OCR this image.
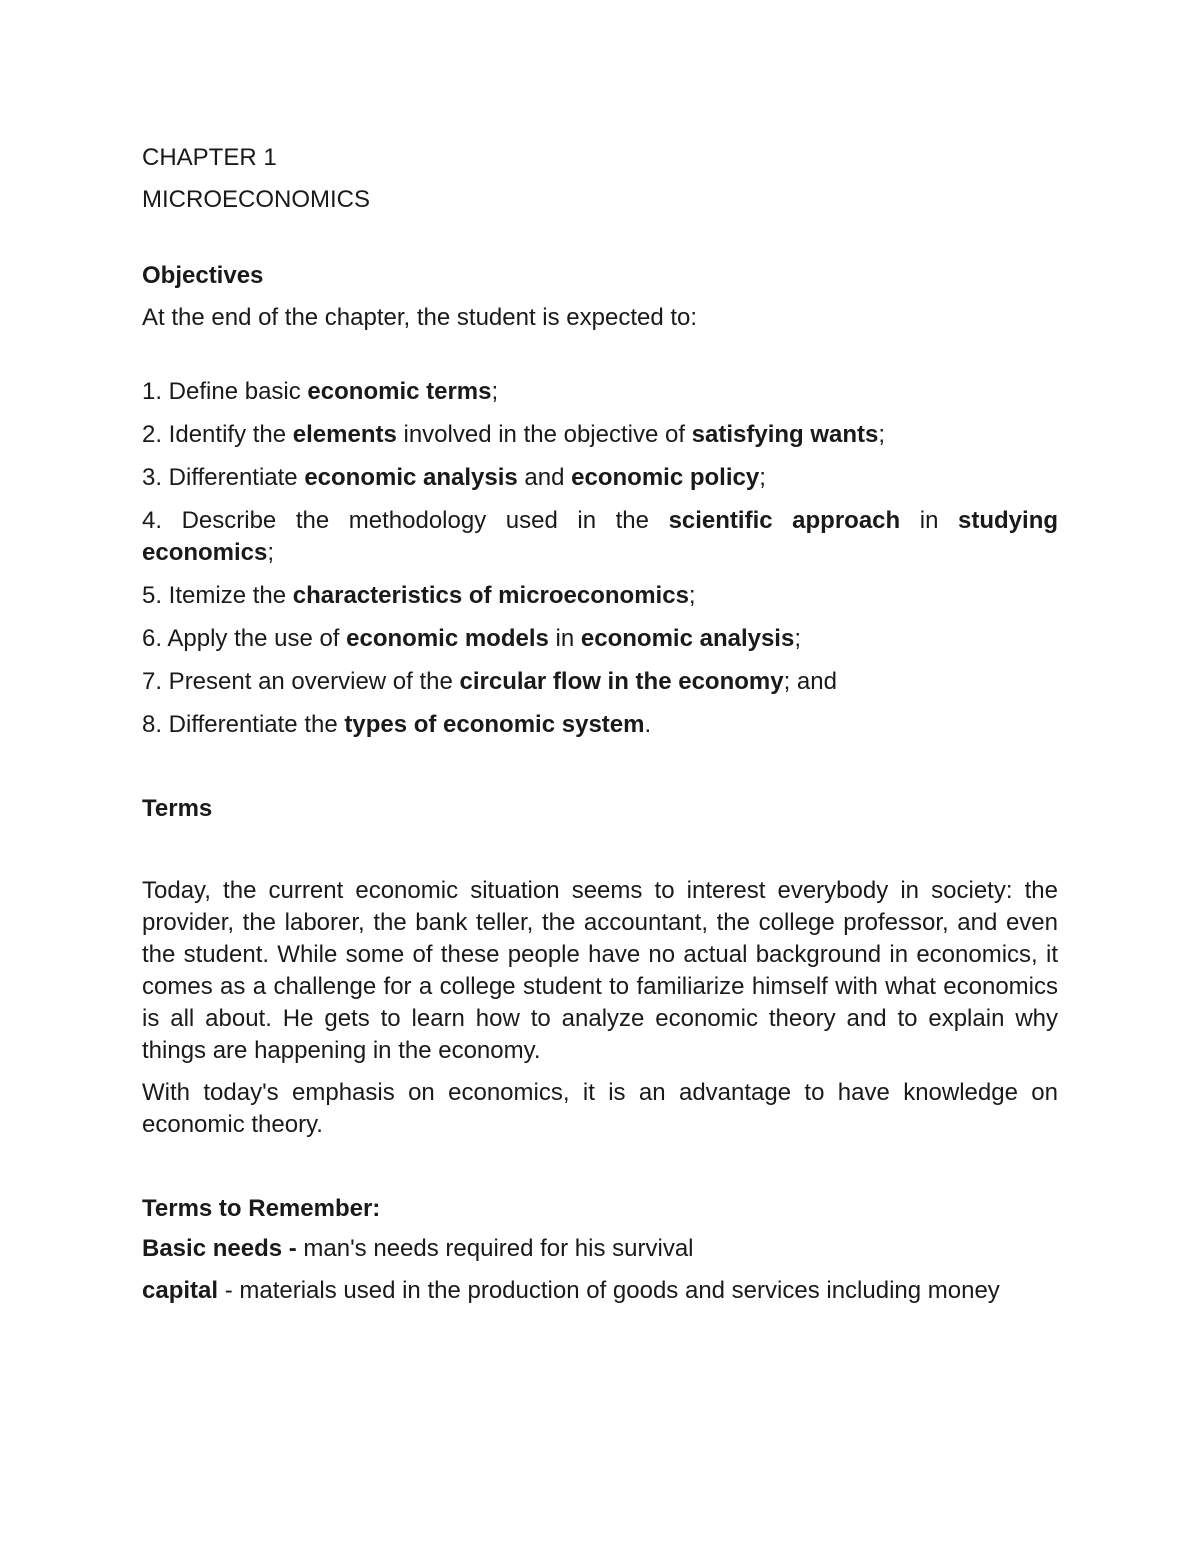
CHAPTER 1

MICROECONOMICS

Objectives

At the end of the chapter, the student is expected to:

1. Define basic economic terms;
2. Identify the elements involved in the objective of satisfying wants;
3. Differentiate economic analysis and economic policy;
4. Describe the methodology used in the scientific approach in studying economics;
5. Itemize the characteristics of microeconomics;
6. Apply the use of economic models in economic analysis;
7. Present an overview of the circular flow in the economy; and
8. Differentiate the types of economic system.

Terms

Today, the current economic situation seems to interest everybody in society: the provider, the laborer, the bank teller, the accountant, the college professor, and even the student. While some of these people have no actual background in economics, it comes as a challenge for a college student to familiarize himself with what economics is all about. He gets to learn how to analyze economic theory and to explain why things are happening in the economy.

With today's emphasis on economics, it is an advantage to have knowledge on economic theory.

Terms to Remember:

Basic needs - man's needs required for his survival

capital - materials used in the production of goods and services including money
